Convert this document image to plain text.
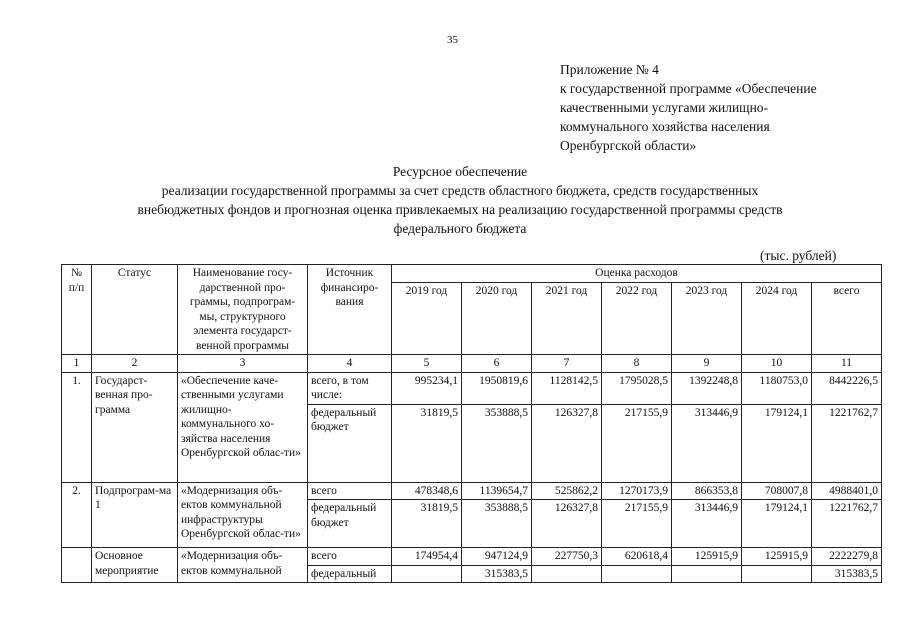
35
Приложение № 4
к государственной программе «Обеспечение
качественными услугами жилищно-
коммунального хозяйства населения
Оренбургской области»
Ресурсное обеспечение
реализации государственной программы за счет средств областного бюджета, средств государственных
внебюджетных фондов и прогнозная оценка привлекаемых на реализацию государственной программы средств
федерального бюджета
(тыс. рублей)
№ п/п	Статус	Наименование госу-дарственной про-граммы, подпрограм-мы, структурного элемента государст-венной программы	Источник финансиро-вания	Оценка расходов						
				2019 год	2020 год	2021 год	2022 год	2023 год	2024 год	всего
1	2	3	4	5	6	7	8	9	10	11
1.	Государст-венная про-грамма	«Обеспечение каче-ственными услугами жилищно-коммунального хо-зяйства населения Оренбургской облас-ти»	всего, в том числе:	995234,1	1950819,6	1128142,5	1795028,5	1392248,8	1180753,0	8442226,5
			федеральный бюджет	31819,5	353888,5	126327,8	217155,9	313446,9	179124,1	1221762,7
2.	Подпрограм-ма 1	«Модернизация объ-ектов коммунальной инфраструктуры Оренбургской облас-ти»	всего	478348,6	1139654,7	525862,2	1270173,9	866353,8	708007,8	4988401,0
			федеральный бюджет	31819,5	353888,5	126327,8	217155,9	313446,9	179124,1	1221762,7
	Основное мероприятие	«Модернизация объ-ектов коммунальной	всего	174954,4	947124,9	227750,3	620618,4	125915,9	125915,9	2222279,8
			федеральный		315383,5					315383,5
